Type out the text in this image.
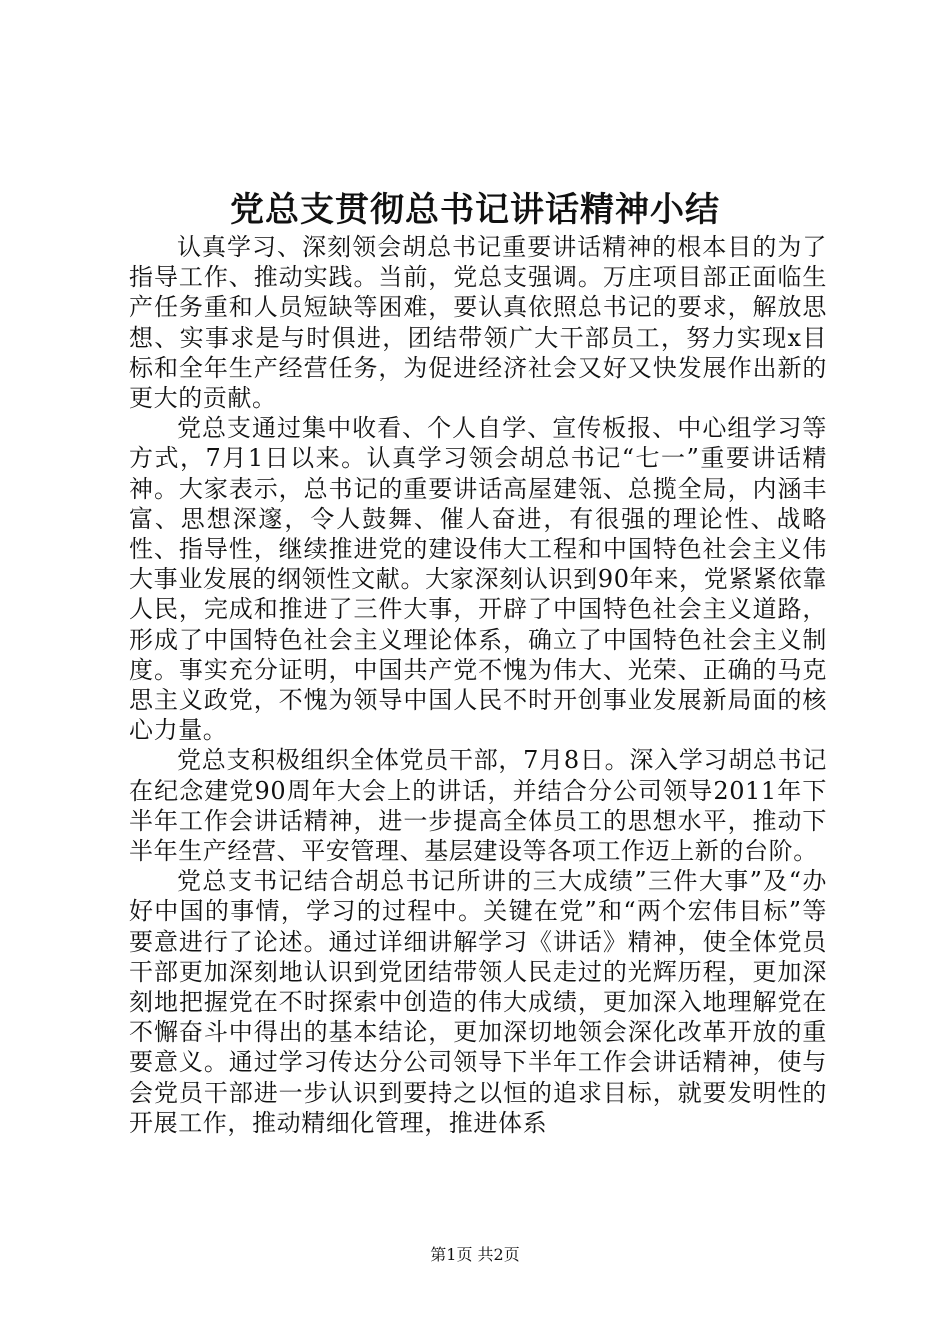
党总支贯彻总书记讲话精神小结

认真学习、深刻领会胡总书记重要讲话精神的根本目的为了指导工作、推动实践。当前，党总支强调。万庄项目部正面临生产任务重和人员短缺等困难，要认真依照总书记的要求，解放思想、实事求是与时俱进，团结带领广大干部员工，努力实现x目标和全年生产经营任务，为促进经济社会又好又快发展作出新的更大的贡献。

党总支通过集中收看、个人自学、宣传板报、中心组学习等方式，7月1日以来。认真学习领会胡总书记“七一”重要讲话精神。大家表示，总书记的重要讲话高屋建瓴、总揽全局，内涵丰富、思想深邃，令人鼓舞、催人奋进，有很强的理论性、战略性、指导性，继续推进党的建设伟大工程和中国特色社会主义伟大事业发展的纲领性文献。大家深刻认识到90年来，党紧紧依靠人民，完成和推进了三件大事，开辟了中国特色社会主义道路，形成了中国特色社会主义理论体系，确立了中国特色社会主义制度。事实充分证明，中国共产党不愧为伟大、光荣、正确的马克思主义政党，不愧为领导中国人民不时开创事业发展新局面的核心力量。

党总支积极组织全体党员干部，7月8日。深入学习胡总书记在纪念建党90周年大会上的讲话，并结合分公司领导2011年下半年工作会讲话精神，进一步提高全体员工的思想水平，推动下半年生产经营、平安管理、基层建设等各项工作迈上新的台阶。

党总支书记结合胡总书记所讲的三大成绩”三件大事”及“办好中国的事情，学习的过程中。关键在党”和“两个宏伟目标”等要意进行了论述。通过详细讲解学习《讲话》精神，使全体党员干部更加深刻地认识到党团结带领人民走过的光辉历程，更加深刻地把握党在不时探索中创造的伟大成绩，更加深入地理解党在不懈奋斗中得出的基本结论，更加深切地领会深化改革开放的重要意义。通过学习传达分公司领导下半年工作会讲话精神，使与会党员干部进一步认识到要持之以恒的追求目标，就要发明性的开展工作，推动精细化管理，推进体系

第1页 共2页
